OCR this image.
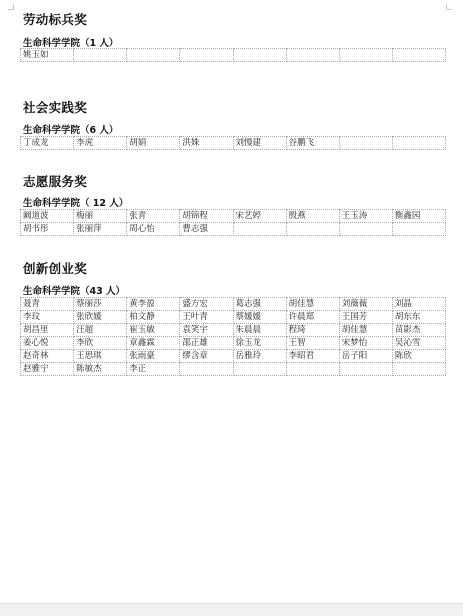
劳动标兵奖
生命科学学院（1 人）
姚玉如							
社会实践奖
生命科学学院（6 人）
丁成龙	李虎	胡娟	洪姝	刘慢建	谷鹏飞		
志愿服务奖
生命科学学院（ 12 人）
阚道波	梅丽	张青	胡锦程	宋艺婷	殷燕	王玉涛	衡鑫园
胡书彤	张丽萍	周心怡	曹志强				
创新创业奖
生命科学学院（43 人）
聂青	蔡丽莎	黄李盈	盛方宏	葛志强	胡佳慧	刘薇薇	刘晶
李玟	张欣媛	柏文静	王叶青	蔡媛媛	许晨郑	王国芳	胡东东
胡昌里	汪超	崔玉敏	袁笑宇	朱晨晨	程琦	胡佳慧	苗影杰
姜心悦	李欣	章鑫霖	邵正雄	徐玉龙	王智	宋梦怡	吴沁雪
赵奇林	王思琪	张雨豪	缪含章	岳雅玲	李昭君	岳子阳	陈欣
赵雅宁	陈敏杰	李正					
